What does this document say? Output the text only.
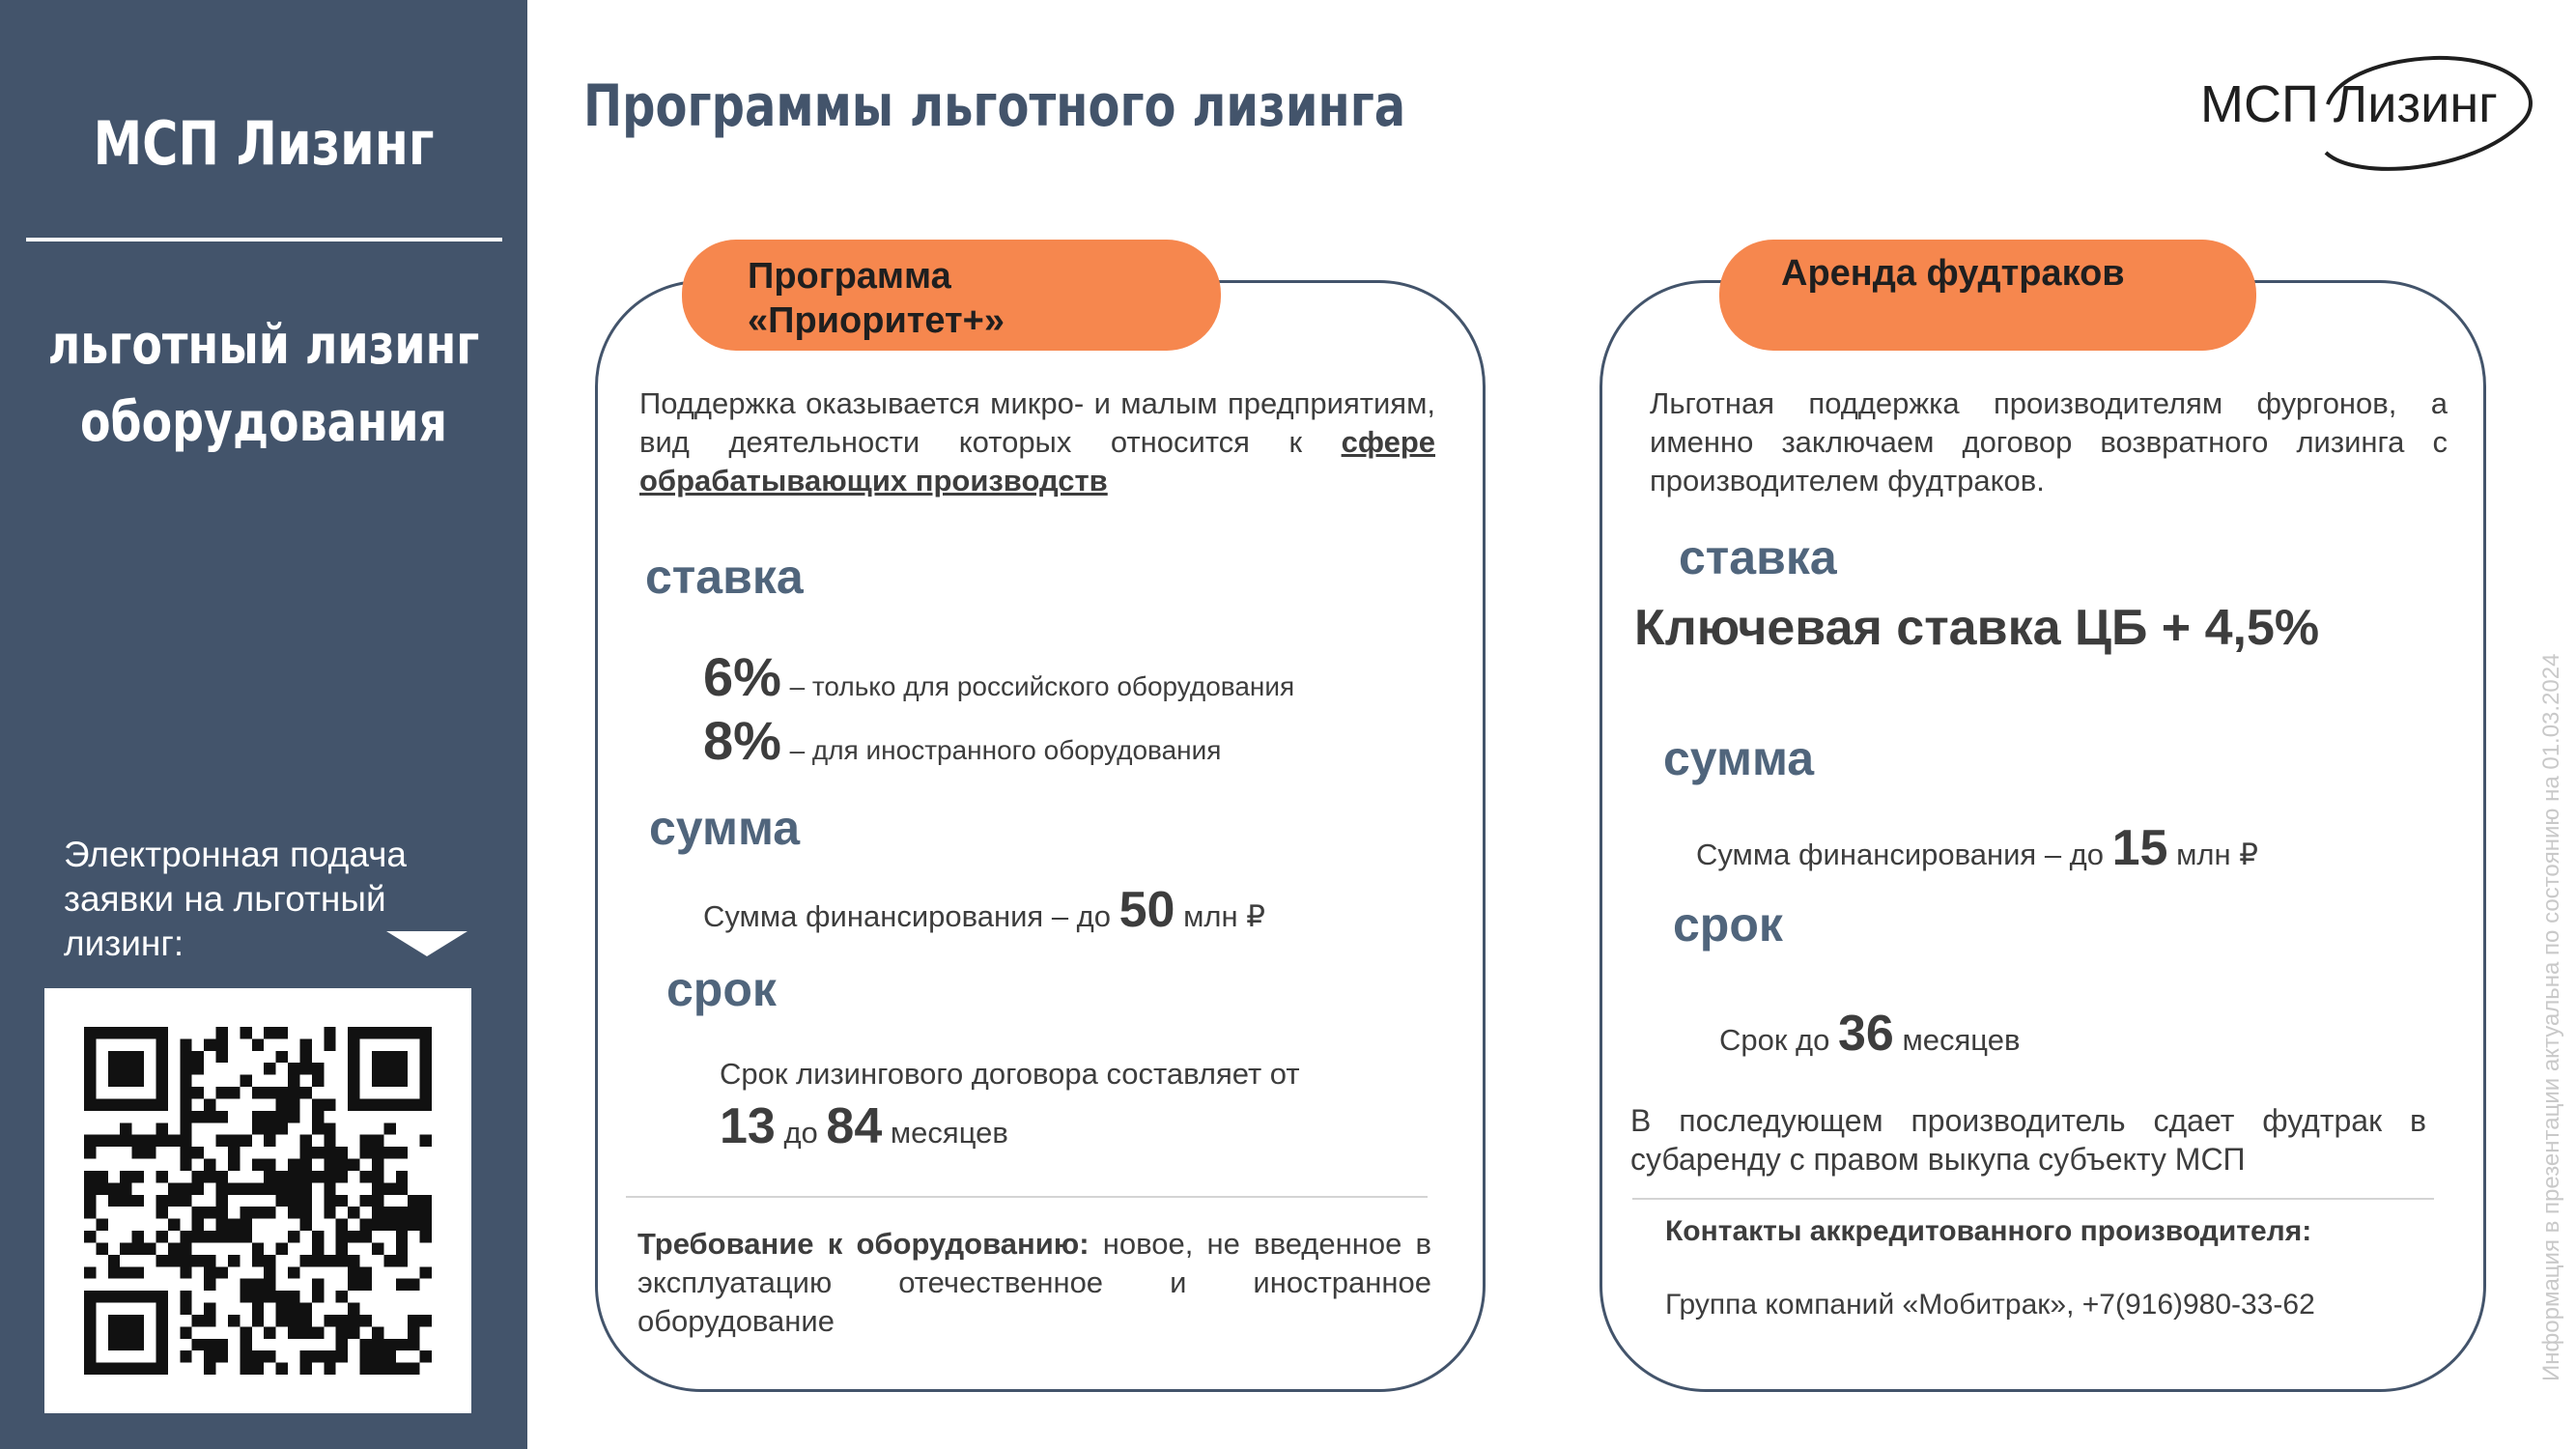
МСП Лизинг
льготный лизинг
оборудования
Электронная подача заявки на льготный лизинг:
Программы льготного лизинга	МСП Лизинг
Программа
«Приоритет+»
Поддержка оказывается микро- и малым предприятиям, вид деятельности которых относится к сфере обрабатывающих производств
ставка
6% – только для российского оборудования
8% – для иностранного оборудования
сумма
Сумма финансирования – до 50 млн ₽
срок
Срок лизингового договора составляет от
13 до 84 месяцев
Требование к оборудованию: новое, не введенное в эксплуатацию отечественное и иностранное оборудование
Аренда фудтраков
Льготная поддержка производителям фургонов, а именно заключаем договор возвратного лизинга с производителем фудтраков.
ставка
Ключевая ставка ЦБ + 4,5%
сумма
Сумма финансирования – до 15 млн ₽
срок
Срок до 36 месяцев
В последующем производитель сдает фудтрак в субаренду с правом выкупа субъекту МСП
Контакты аккредитованного производителя:
Группа компаний «Мобитрак», +7(916)980-33-62	Информация в презентации актуальна по состоянию на 01.03.2024
